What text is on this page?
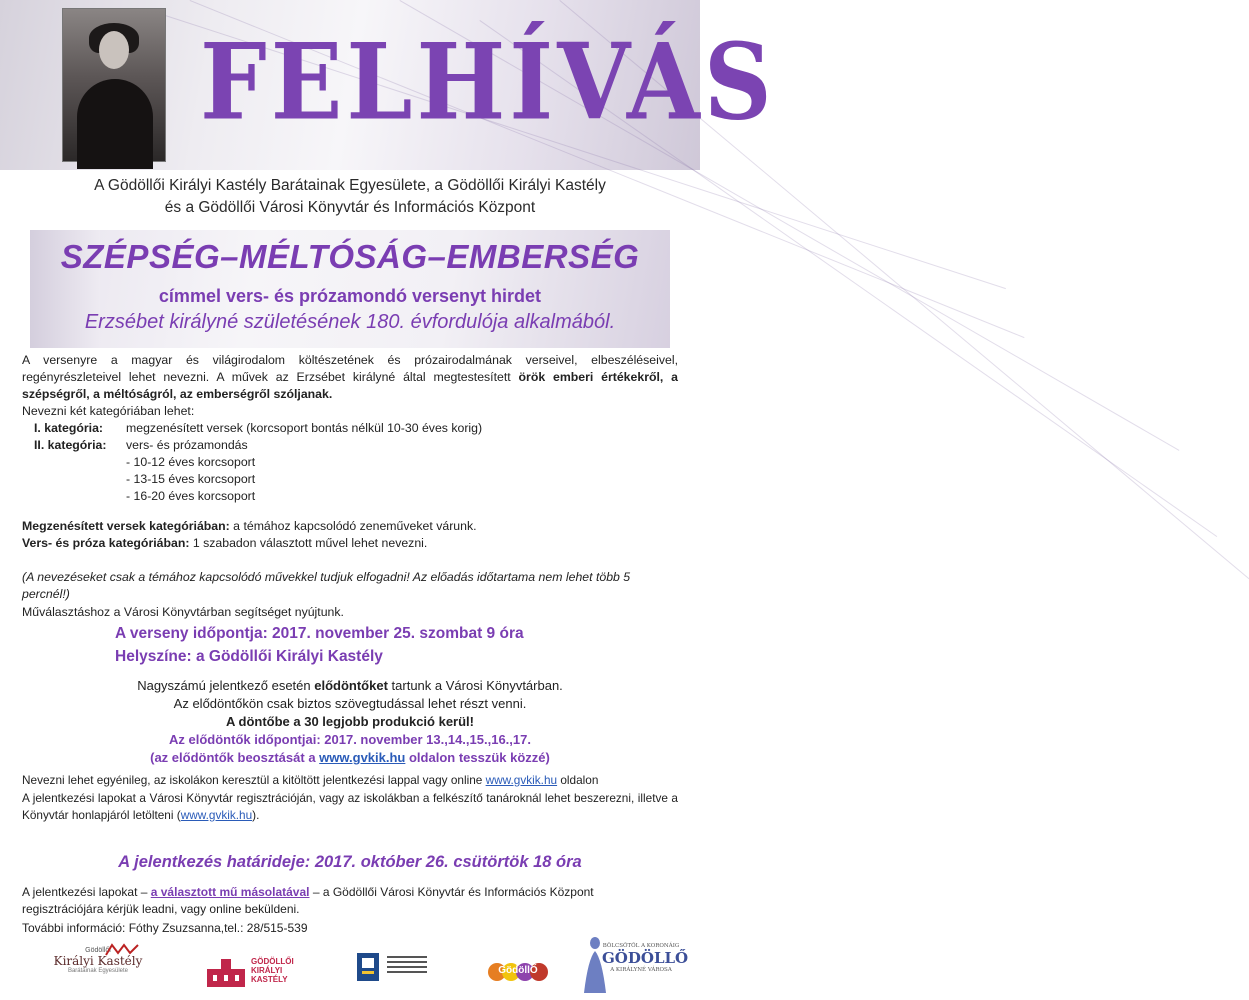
FELHÍVÁS
A Gödöllői Királyi Kastély Barátainak Egyesülete, a Gödöllői Királyi Kastély
és a Gödöllői Városi Könyvtár és Információs Központ
SZÉPSÉG–MÉLTÓSÁG–EMBERSÉG
címmel vers- és prózamondó versenyt hirdet
Erzsébet királyné születésének 180. évfordulója alkalmából.
A versenyre a magyar és világirodalom költészetének és prózairodalmának verseivel, elbeszéléseivel, regényrészleteivel lehet nevezni. A művek az Erzsébet királyné által megtestesített örök emberi értékekről, a szépségről, a méltóságról, az emberségről szóljanak.
Nevezni két kategóriában lehet:
I. kategória:	megzenésített versek (korcsoport bontás nélkül 10-30 éves korig)
II. kategória:	vers- és prózamondás
- 10-12 éves korcsoport
- 13-15 éves korcsoport
- 16-20 éves korcsoport
Megzenésített versek kategóriában: a témához kapcsolódó zeneműveket várunk.
Vers- és próza kategóriában: 1 szabadon választott művel lehet nevezni.
(A nevezéseket csak a témához kapcsolódó művekkel tudjuk elfogadni! Az előadás időtartama nem lehet több 5 percnél!)
Műválasztáshoz a Városi Könyvtárban segítséget nyújtunk.
A verseny időpontja: 2017. november 25. szombat 9 óra
Helyszíne: a Gödöllői Királyi Kastély
Nagyszámú jelentkező esetén elődöntőket tartunk a Városi Könyvtárban.
Az elődöntőkön csak biztos szövegtudással lehet részt venni.
A döntőbe a 30 legjobb produkció kerül!
Az elődöntők időpontjai: 2017. november 13.,14.,15.,16.,17.
(az elődöntők beosztását a www.gvkik.hu oldalon tesszük közzé)
Nevezni lehet egyénileg, az iskolákon keresztül a kitöltött jelentkezési lappal vagy online www.gvkik.hu oldalon
A jelentkezési lapokat a Városi Könyvtár regisztrációján, vagy az iskolákban a felkészítő tanároknál lehet beszerezni, illetve a Könyvtár honlapjáról letölteni (www.gvkik.hu).
A jelentkezés határideje: 2017. október 26. csütörtök 18 óra
A jelentkezési lapokat – a választott mű másolatával – a Gödöllői Városi Könyvtár és Információs Központ regisztrációjára kérjük leadni, vagy online beküldeni.
További információ: Fóthy Zsuzsanna,tel.: 28/515-539
Gödöllői
Királyi Kastély
Barátainak Egyesülete
GÖDÖLLŐI
KIRÁLYI
KASTÉLY
GödöllŐ
BÖLCSŐTŐL A KORONÁIG
GÖDÖLLŐ
A KIRÁLYNÉ VÁROSA
